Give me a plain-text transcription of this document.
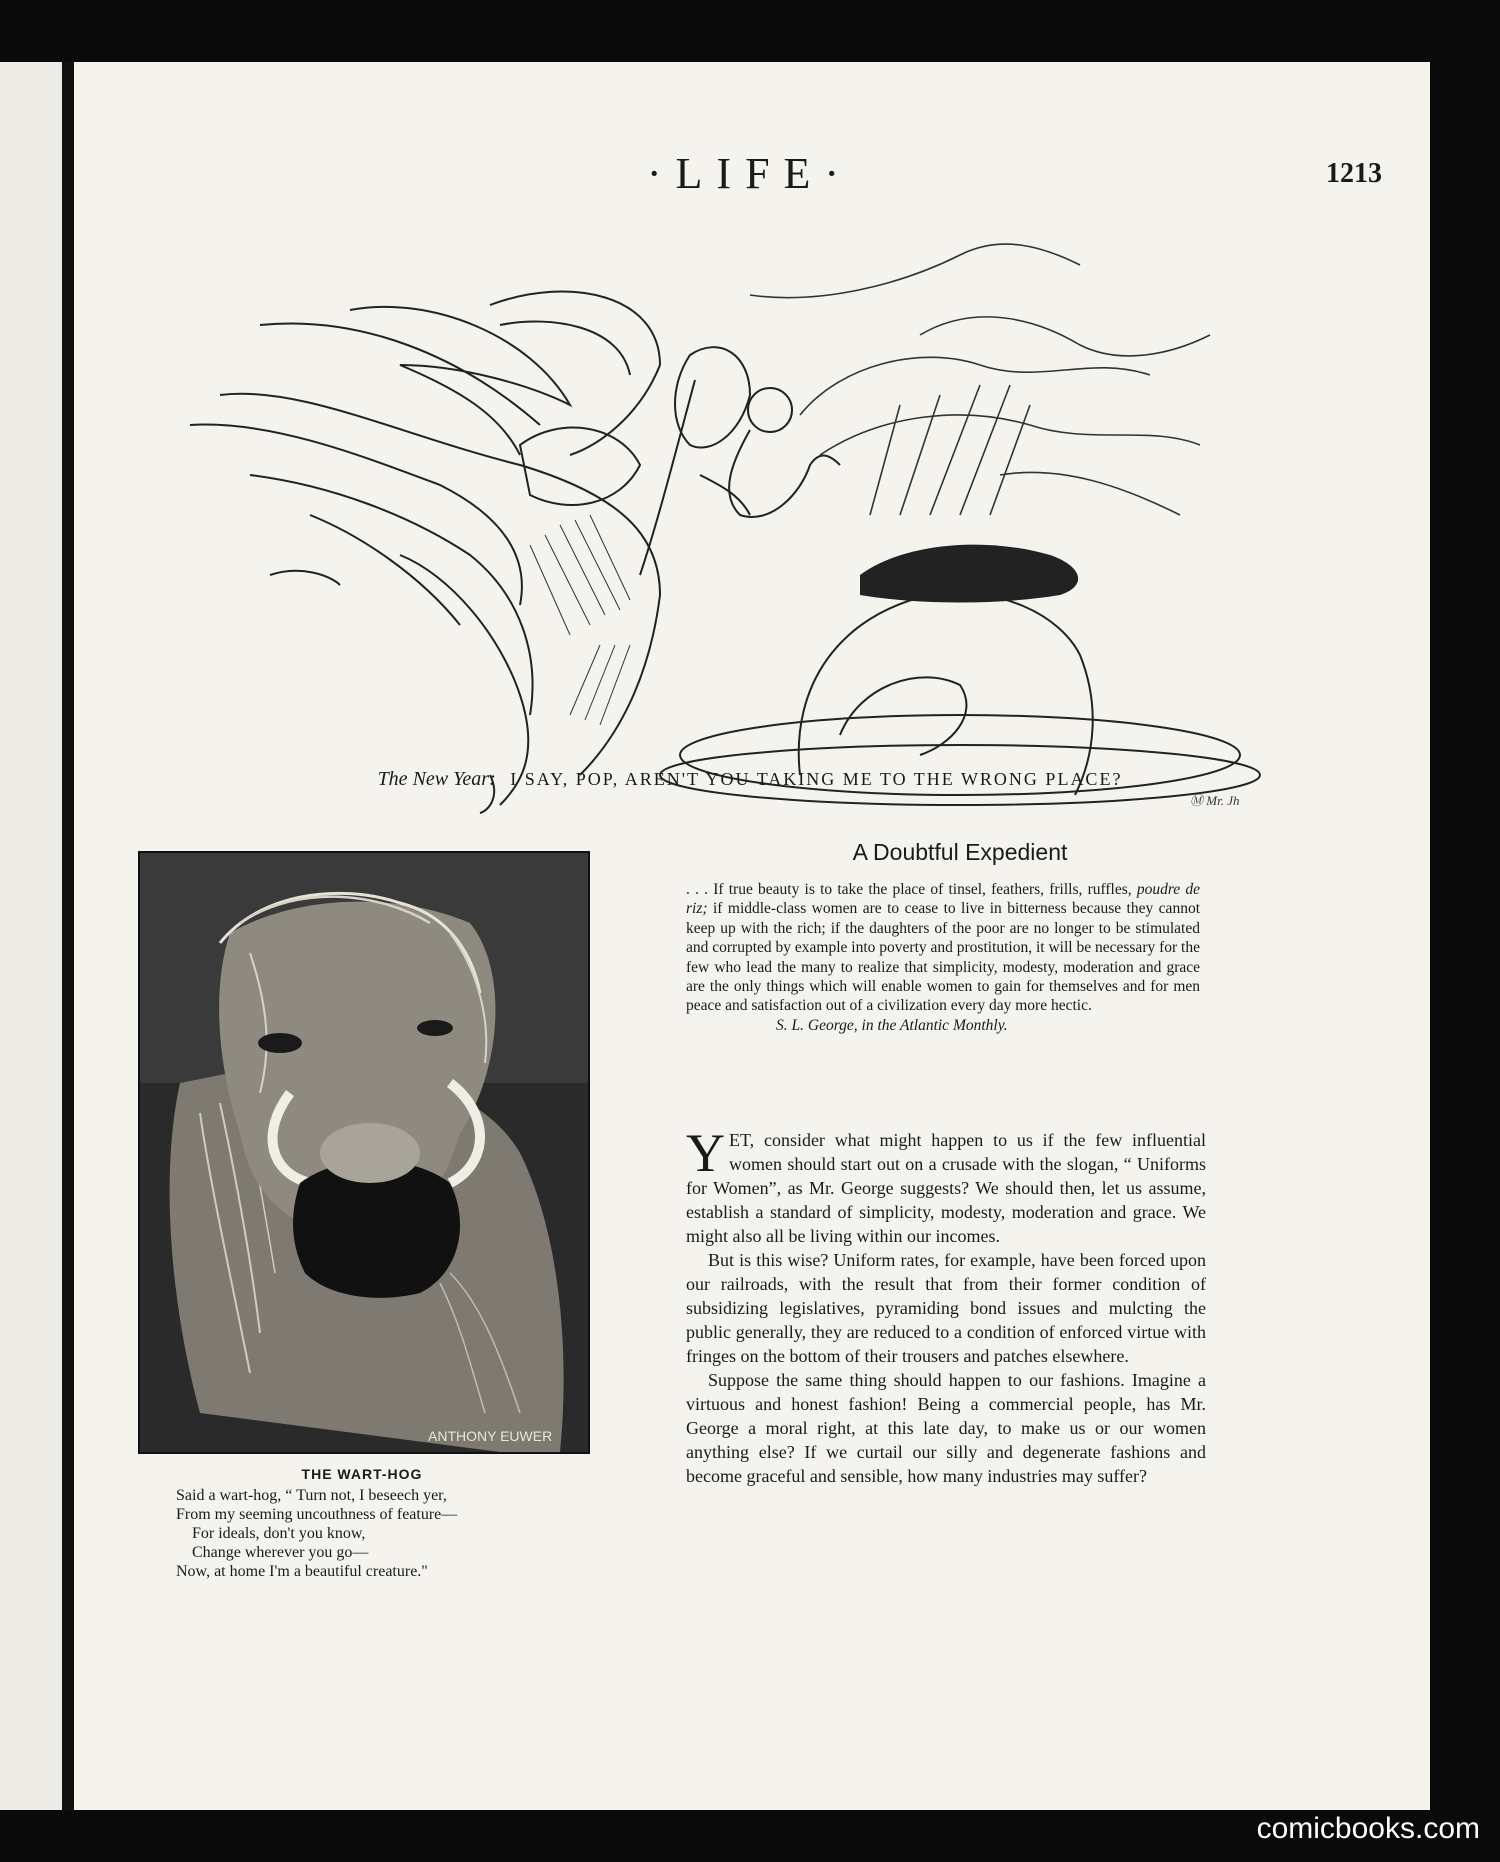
·LIFE·	1213
Ⓜ Mr. Jh
The New Year: I SAY, POP, AREN'T YOU TAKING ME TO THE WRONG PLACE?
ANTHONY EUWER
THE WART-HOG
Said a wart-hog, “ Turn not, I beseech yer,
From my seeming uncouthness of feature—
For ideals, don't you know,
Change wherever you go—
Now, at home I'm a beautiful creature."
A Doubtful Expedient
. . . If true beauty is to take the place of tinsel, feathers, frills, ruffles, poudre de riz; if middle-class women are to cease to live in bitterness because they cannot keep up with the rich; if the daughters of the poor are no longer to be stimulated and corrupted by example into poverty and prostitution, it will be necessary for the few who lead the many to realize that simplicity, modesty, moderation and grace are the only things which will enable women to gain for themselves and for men peace and satisfaction out of a civilization every day more hectic.
S. L. George, in the Atlantic Monthly.

YET, consider what might happen to us if the few influential women should start out on a crusade with the slogan, “ Uniforms for Women”, as Mr. George suggests? We should then, let us assume, establish a standard of simplicity, modesty, moderation and grace. We might also all be living within our incomes.

But is this wise? Uniform rates, for example, have been forced upon our railroads, with the result that from their former condition of subsidizing legislatives, pyramiding bond issues and mulcting the public generally, they are reduced to a condition of enforced virtue with fringes on the bottom of their trousers and patches elsewhere.

Suppose the same thing should happen to our fashions. Imagine a virtuous and honest fashion! Being a commercial people, has Mr. George a moral right, at this late day, to make us or our women anything else? If we curtail our silly and degenerate fashions and become graceful and sensible, how many industries may suffer?

comicbooks.com
